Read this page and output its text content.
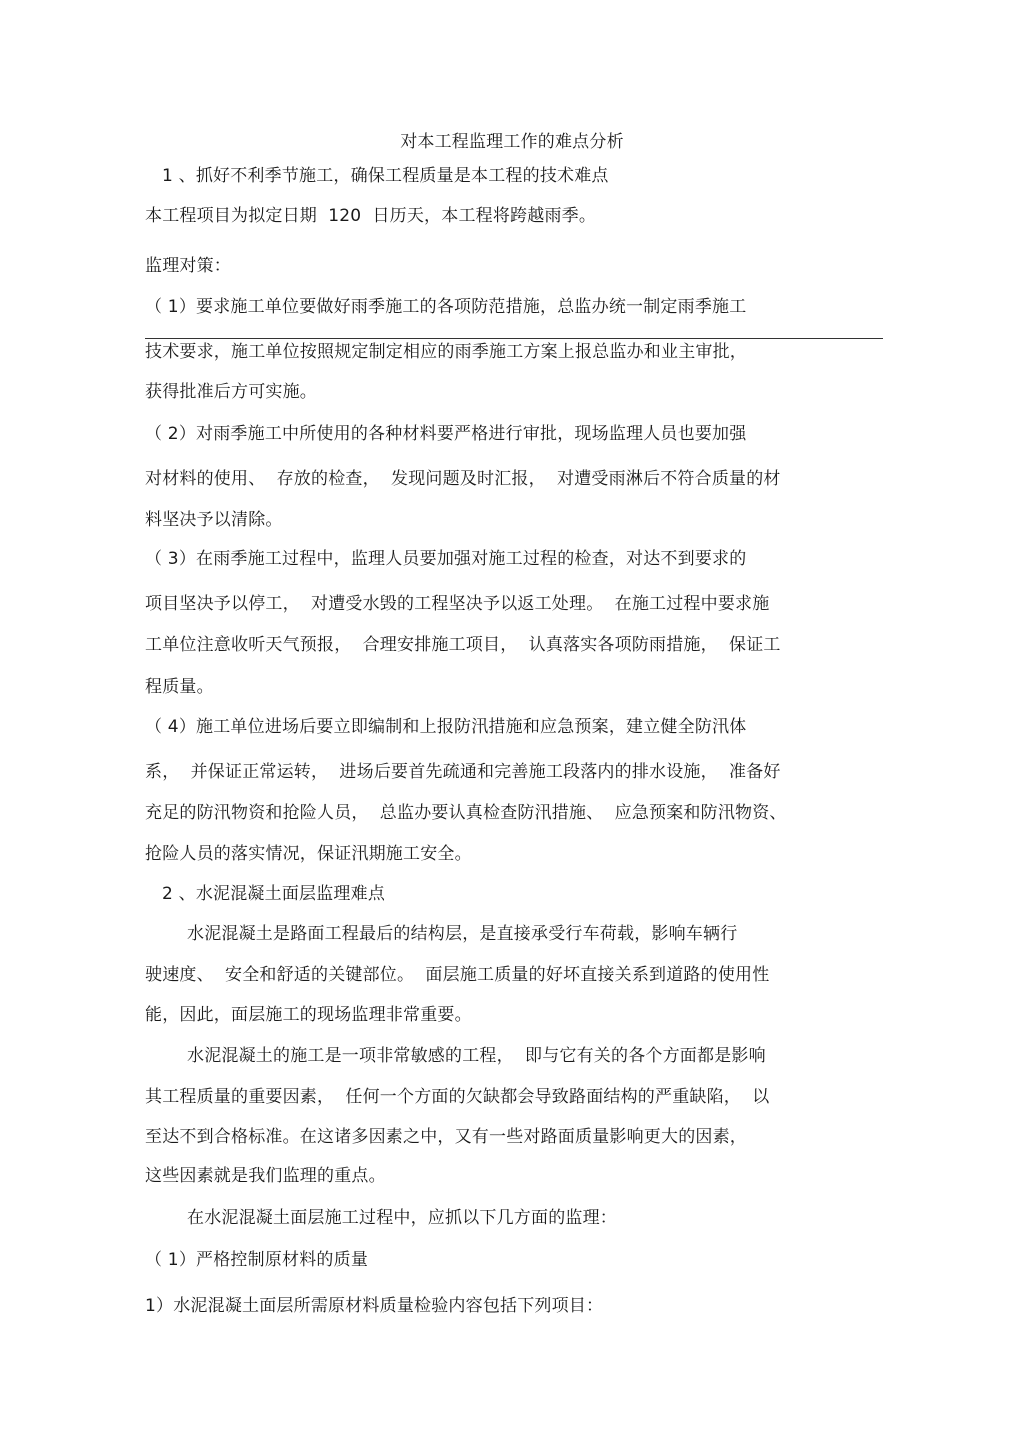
对本工程监理工作的难点分析
1 、抓好不利季节施工，确保工程质量是本工程的技术难点
本工程项目为拟定日期  120  日历天，本工程将跨越雨季。
监理对策：
（ 1）要求施工单位要做好雨季施工的各项防范措施，总监办统一制定雨季施工
技术要求，施工单位按照规定制定相应的雨季施工方案上报总监办和业主审批，
获得批准后方可实施。
（ 2）对雨季施工中所使用的各种材料要严格进行审批，现场监理人员也要加强
对材料的使用、  存放的检查，  发现问题及时汇报，  对遭受雨淋后不符合质量的材
料坚决予以清除。
（ 3）在雨季施工过程中，监理人员要加强对施工过程的检查，对达不到要求的
项目坚决予以停工，  对遭受水毁的工程坚决予以返工处理。  在施工过程中要求施
工单位注意收听天气预报，  合理安排施工项目，  认真落实各项防雨措施，  保证工
程质量。
（ 4）施工单位进场后要立即编制和上报防汛措施和应急预案，建立健全防汛体
系，  并保证正常运转，  进场后要首先疏通和完善施工段落内的排水设施，  准备好
充足的防汛物资和抢险人员，  总监办要认真检查防汛措施、  应急预案和防汛物资、
抢险人员的落实情况，保证汛期施工安全。
2 、水泥混凝土面层监理难点
水泥混凝土是路面工程最后的结构层，是直接承受行车荷载，影响车辆行
驶速度、  安全和舒适的关键部位。  面层施工质量的好坏直接关系到道路的使用性
能，因此，面层施工的现场监理非常重要。
水泥混凝土的施工是一项非常敏感的工程，  即与它有关的各个方面都是影响
其工程质量的重要因素，  任何一个方面的欠缺都会导致路面结构的严重缺陷，  以
至达不到合格标准。在这诸多因素之中，又有一些对路面质量影响更大的因素，
这些因素就是我们监理的重点。
在水泥混凝土面层施工过程中，应抓以下几方面的监理：
（ 1）严格控制原材料的质量
1）水泥混凝土面层所需原材料质量检验内容包括下列项目：
